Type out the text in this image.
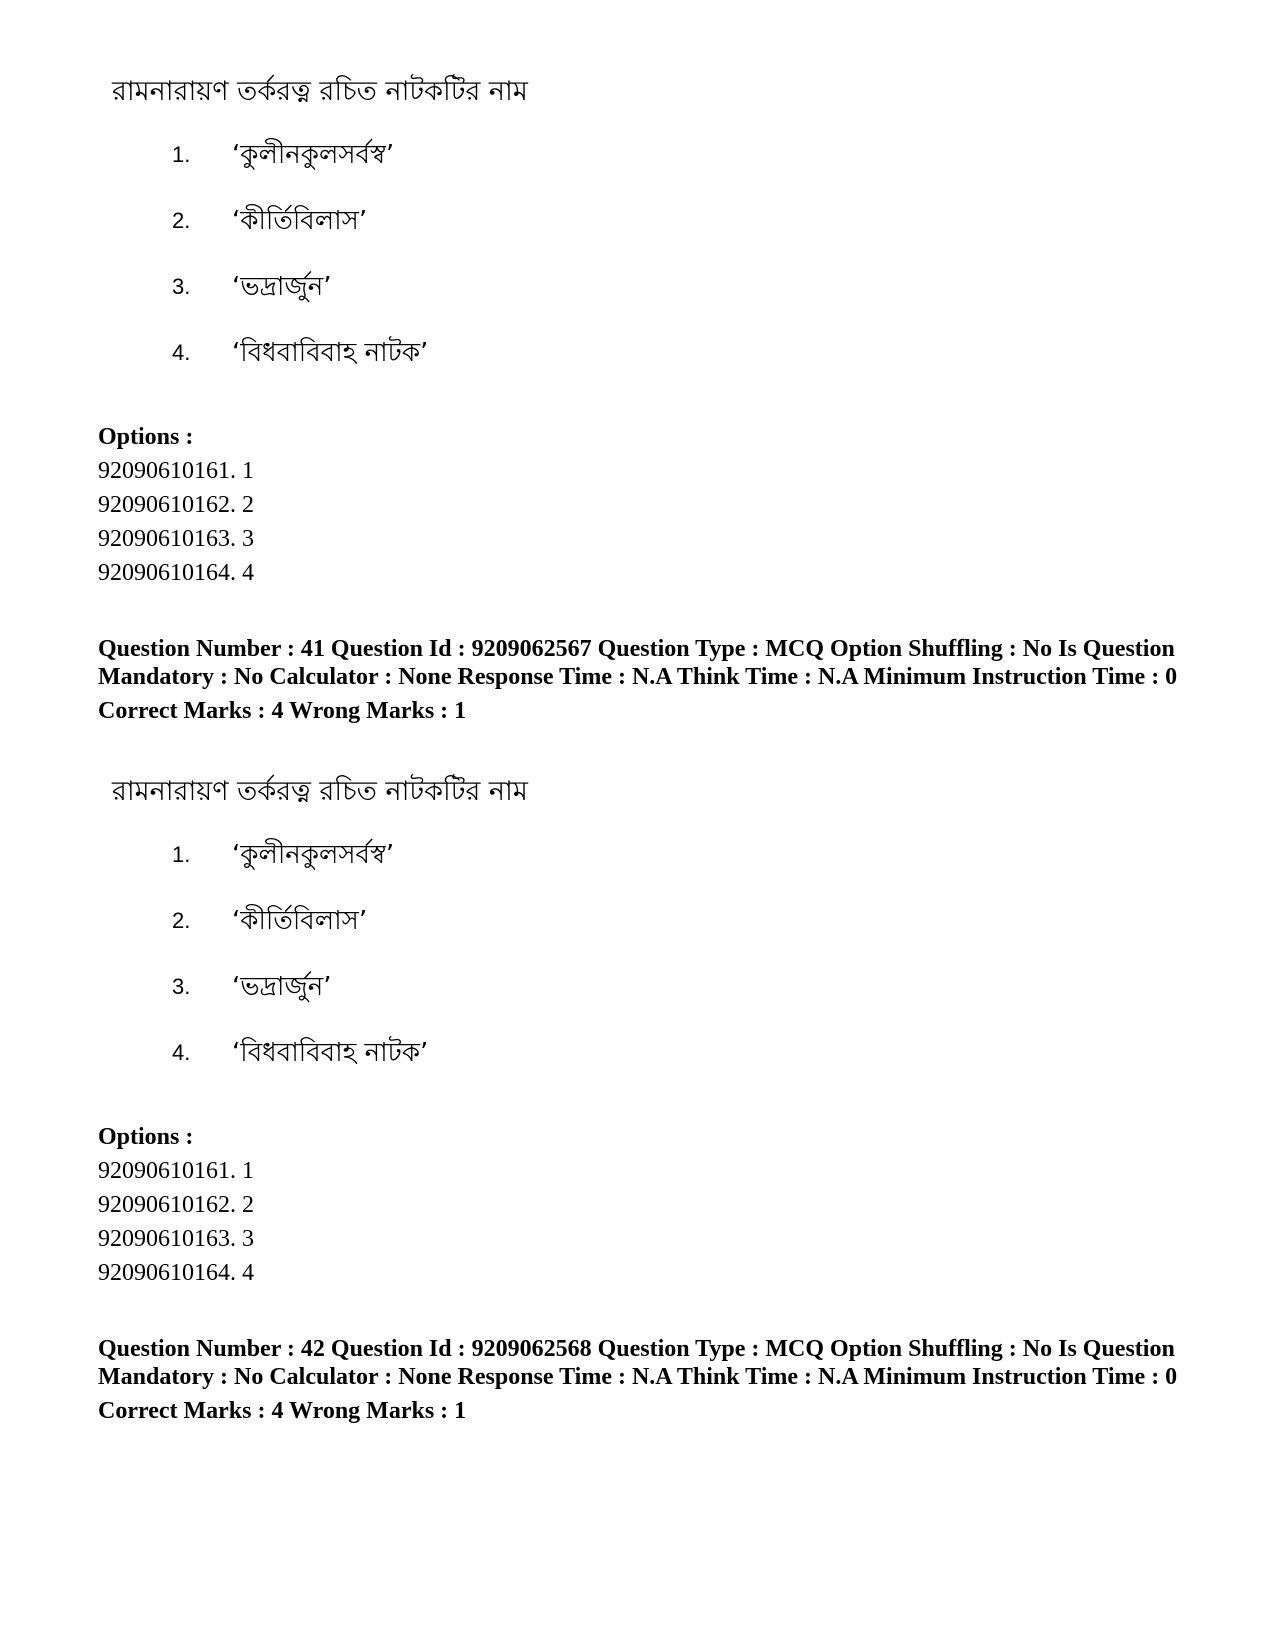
রামনারায়ণ তর্করত্ন রচিত নাটকটির নাম
1. ‘কুলীনকুলসর্বস্ব’
2. ‘কীর্তিবিলাস’
3. ‘ভদ্রার্জুন’
4. ‘বিধবাবিবাহ নাটক’

Options :

92090610161. 1

92090610162. 2

92090610163. 3

92090610164. 4

Question Number : 41 Question Id : 9209062567 Question Type : MCQ Option Shuffling : No Is Question Mandatory : No Calculator : None Response Time : N.A Think Time : N.A Minimum Instruction Time : 0

Correct Marks : 4 Wrong Marks : 1

রামনারায়ণ তর্করত্ন রচিত নাটকটির নাম
1. ‘কুলীনকুলসর্বস্ব’
2. ‘কীর্তিবিলাস’
3. ‘ভদ্রার্জুন’
4. ‘বিধবাবিবাহ নাটক’

Options :

92090610161. 1

92090610162. 2

92090610163. 3

92090610164. 4

Question Number : 42 Question Id : 9209062568 Question Type : MCQ Option Shuffling : No Is Question Mandatory : No Calculator : None Response Time : N.A Think Time : N.A Minimum Instruction Time : 0

Correct Marks : 4 Wrong Marks : 1
